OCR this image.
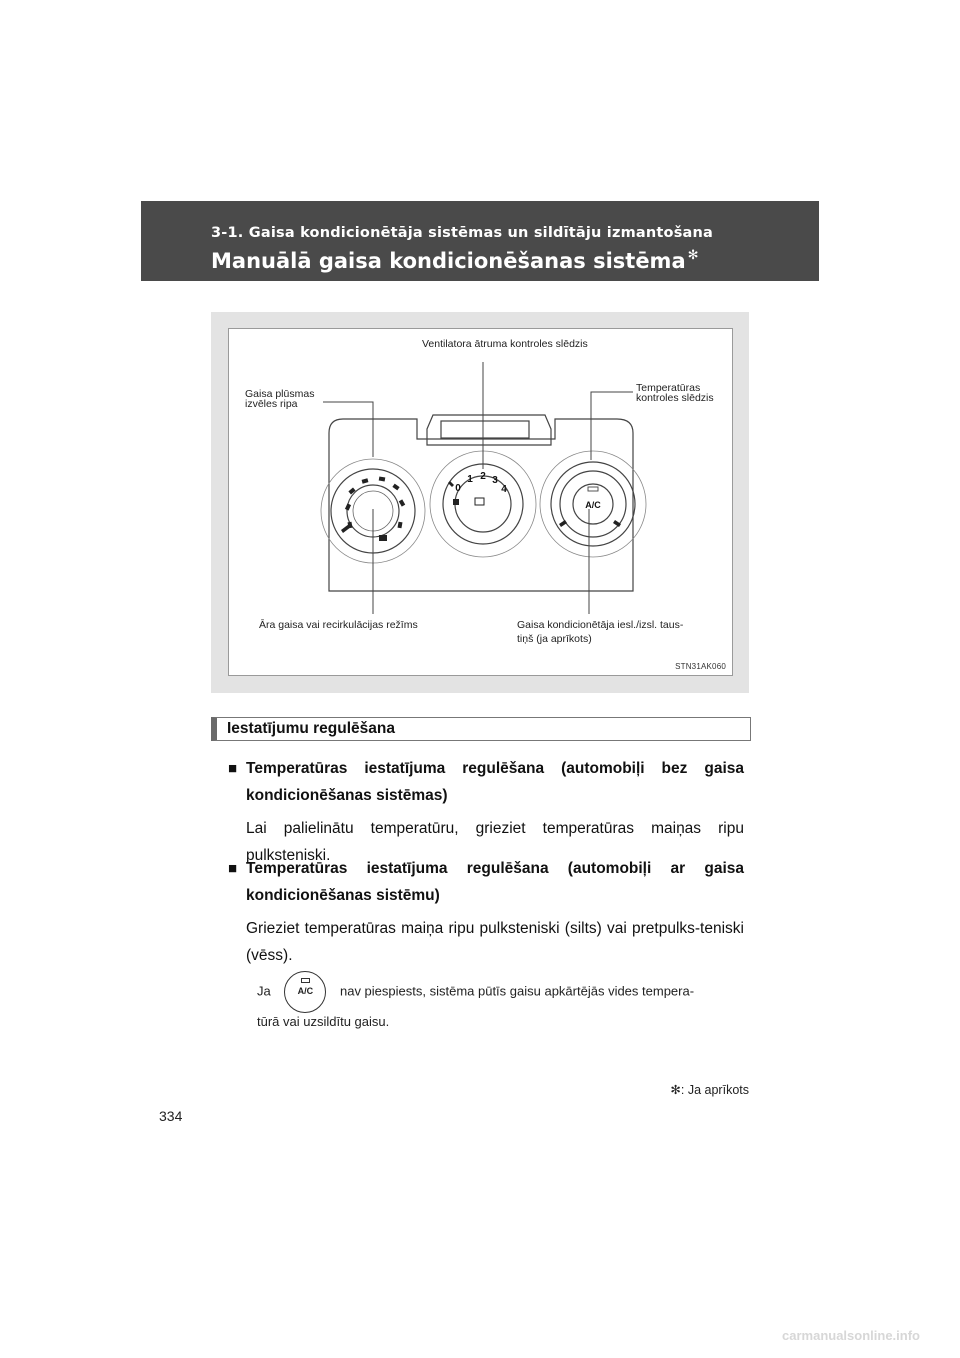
3-1. Gaisa kondicionētāja sistēmas un sildītāju izmantošana
Manuālā gaisa kondicionēšanas sistēma ✻
0
1 2 3
4
A/C
Ventilatora ātruma kontroles slēdzis
Gaisa plūsmas
izvēles ripa
Temperatūras
kontroles slēdzis
Āra gaisa vai recirkulācijas režīms	Gaisa kondicionētāja iesl./izsl. taus-
tiņš (ja aprīkots)
STN31AK060
Iestatījumu regulēšana
■ Temperatūras iestatījuma regulēšana (automobiļi bez gaisa kondicionēšanas sistēmas)
Lai palielinātu temperatūru, grieziet temperatūras maiņas ripu pulksteniski.
■ Temperatūras iestatījuma regulēšana (automobiļi ar gaisa kondicionēšanas sistēmu)
Grieziet temperatūras maiņa ripu pulksteniski (silts) vai pretpulks-teniski (vēss).
Ja	A/C	nav piespiests, sistēma pūtīs gaisu apkārtējās vides tempera-
tūrā vai uzsildītu gaisu.
✻: Ja aprīkots
334
carmanualsonline.info
